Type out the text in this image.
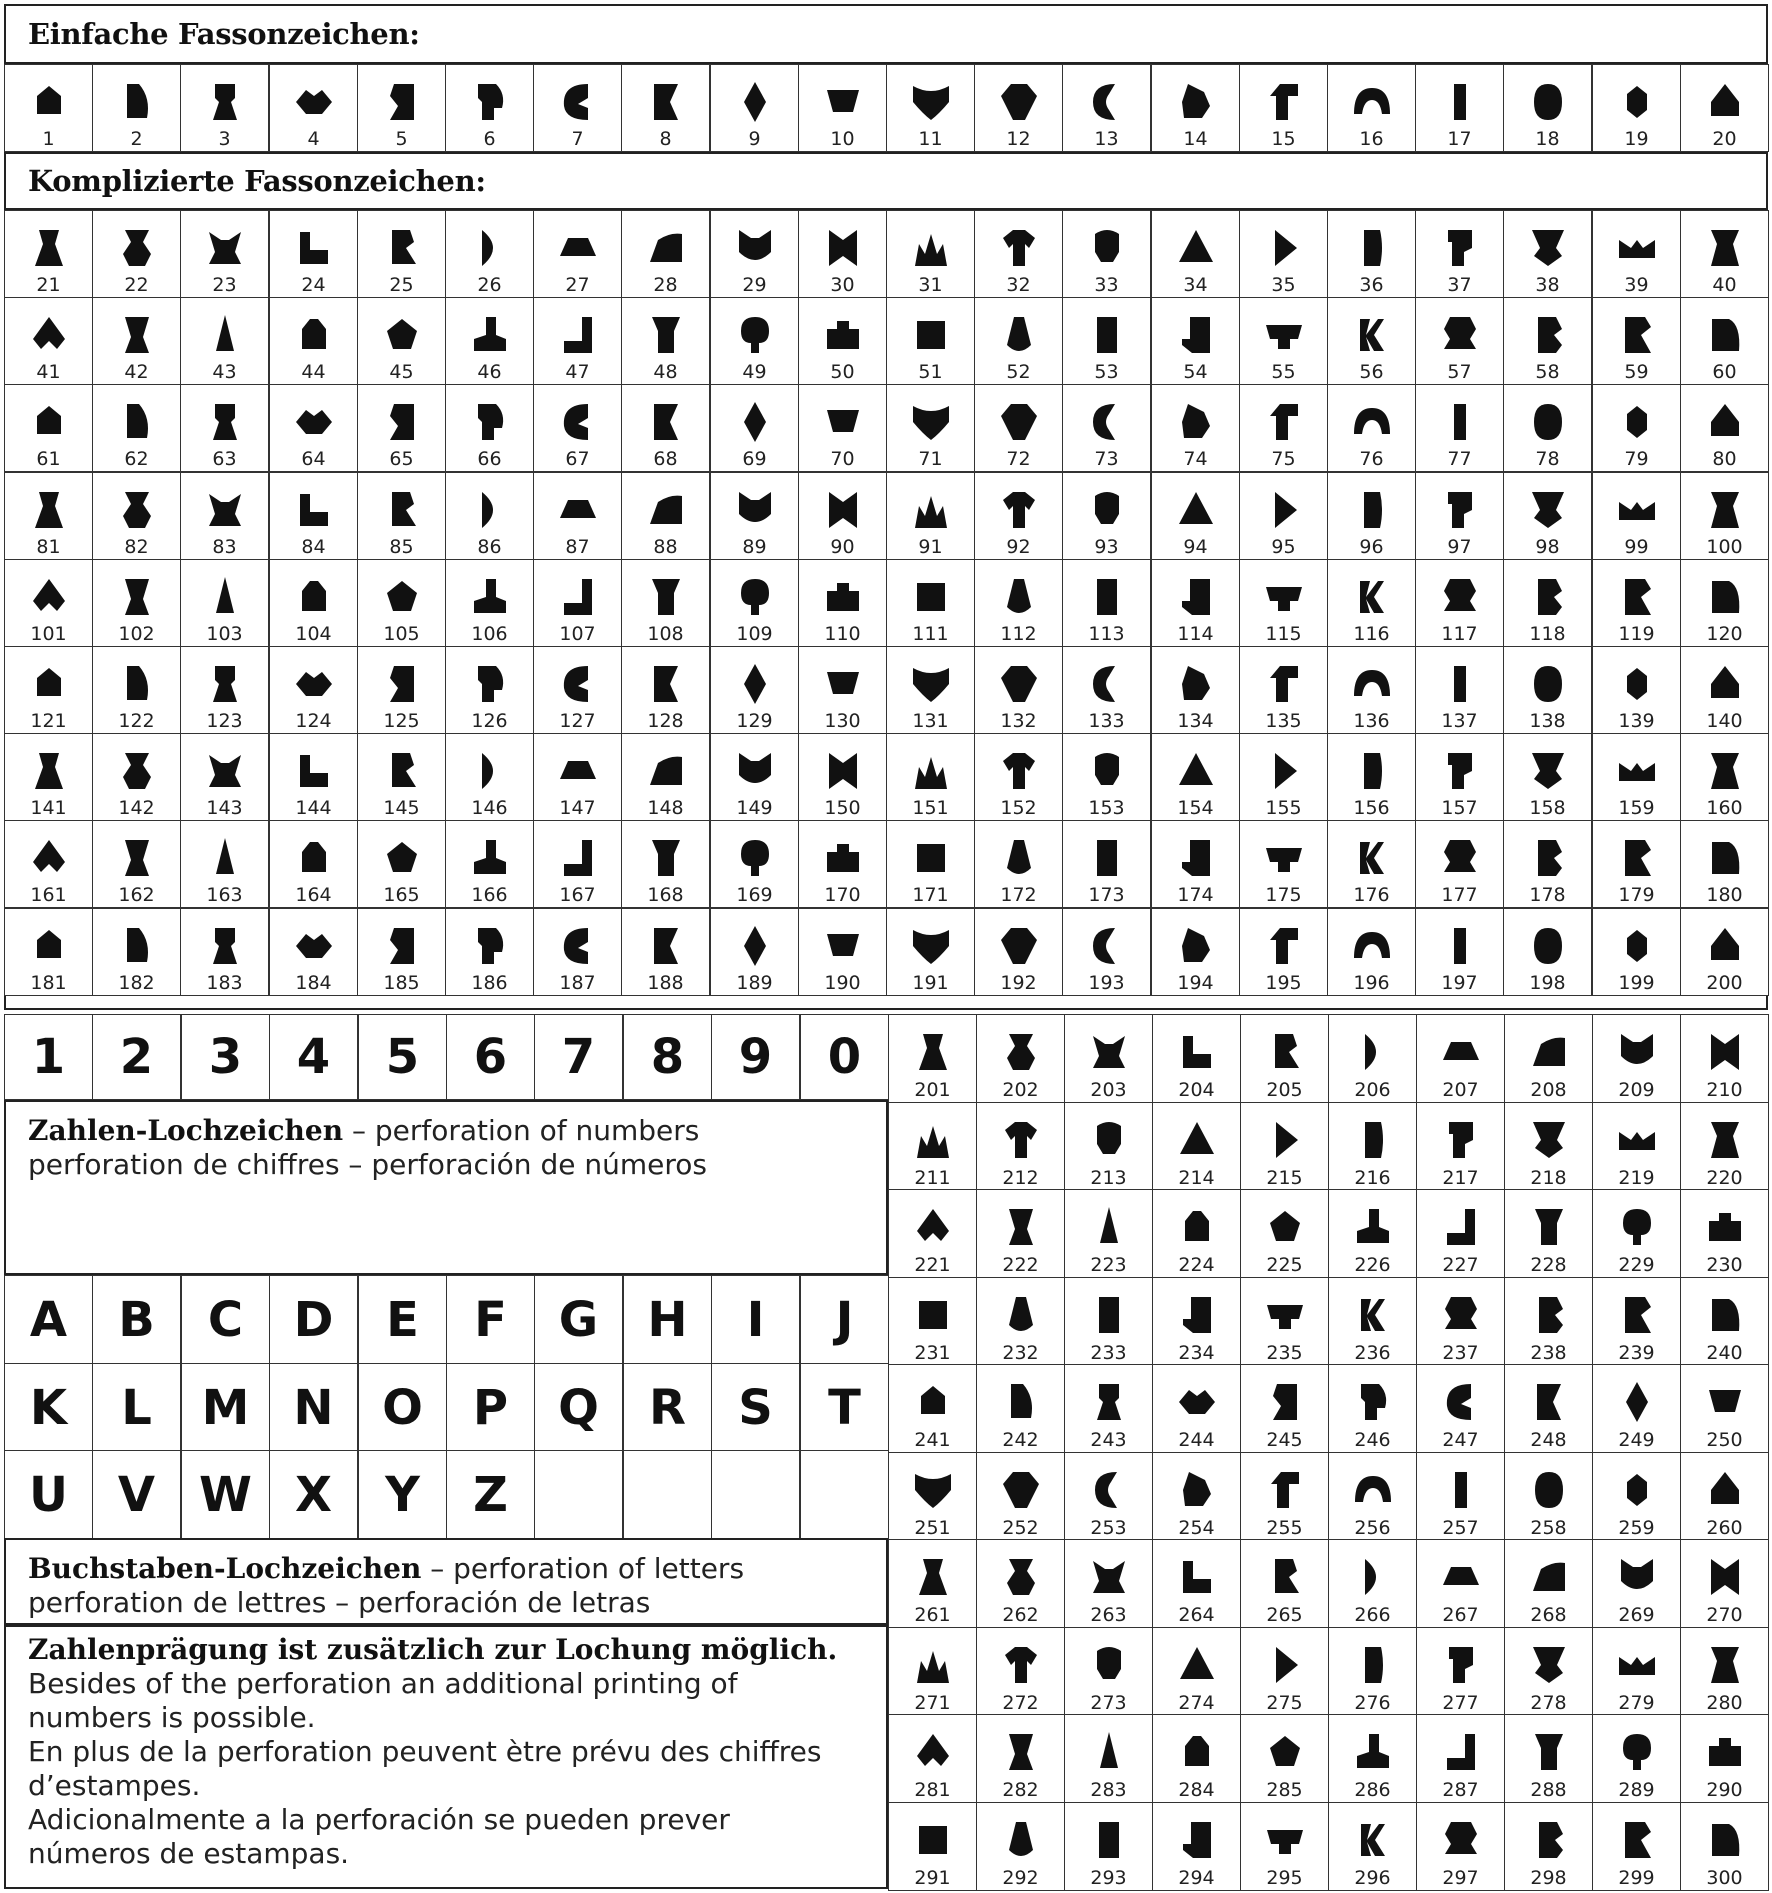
Einfache Fassonzeichen:
1	2	3	4	5	6	7	8	9	10	11	12	13	14	15	16	17	18	19	20
Komplizierte Fassonzeichen:
21	22	23	24	25	26	27	28	29	30	31	32	33	34	35	36	37	38	39	40
41	42	43	44	45	46	47	48	49	50	51	52	53	54	55	56	57	58	59	60
61	62	63	64	65	66	67	68	69	70	71	72	73	74	75	76	77	78	79	80
81	82	83	84	85	86	87	88	89	90	91	92	93	94	95	96	97	98	99	100
101	102	103	104	105	106	107	108	109	110	111	112	113	114	115	116	117	118	119	120
121	122	123	124	125	126	127	128	129	130	131	132	133	134	135	136	137	138	139	140
141	142	143	144	145	146	147	148	149	150	151	152	153	154	155	156	157	158	159	160
161	162	163	164	165	166	167	168	169	170	171	172	173	174	175	176	177	178	179	180
181	182	183	184	185	186	187	188	189	190	191	192	193	194	195	196	197	198	199	200
1	2	3	4	5	6	7	8	9	0
Zahlen-Lochzeichen – perforation of numbers
perforation de chiffres – perforación de números
A	B	C	D	E	F	G	H	I	J
K	L	M N	O	P	Q	R	S	T
U	V W X	Y	Z
Buchstaben-Lochzeichen – perforation of letters
perforation de lettres – perforación de letras
Zahlenprägung ist zusätzlich zur Lochung möglich.
Besides of the perforation an additional printing of
numbers is possible.
En plus de la perforation peuvent ètre prévu des chiffres
d’estampes.
Adicionalmente a la perforación se pueden prever
números de estampas.
201	202	203	204	205	206	207	208	209	210
211	212	213	214	215	216	217	218	219	220
221	222	223	224	225	226	227	228	229	230
231	232	233	234	235	236	237	238	239	240
241	242	243	244	245	246	247	248	249	250
251	252	253	254	255	256	257	258	259	260
261	262	263	264	265	266	267	268	269	270
271	272	273	274	275	276	277	278	279	280
281	282	283	284	285	286	287	288	289	290
291	292	293	294	295	296	297	298	299	300
